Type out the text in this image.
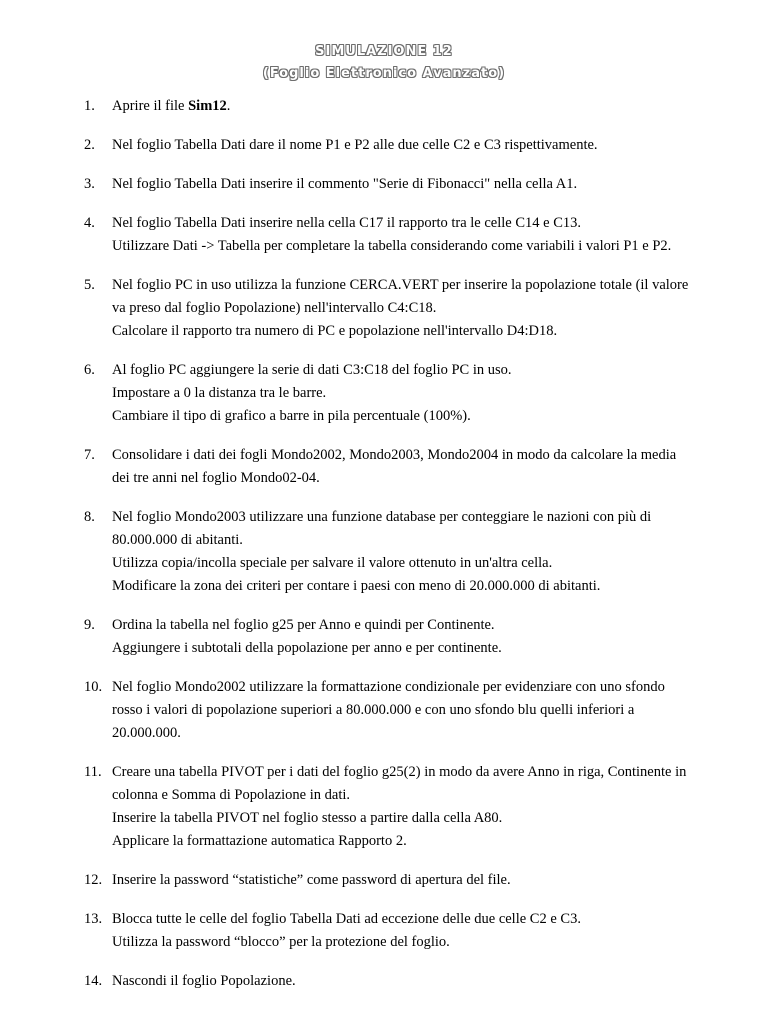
SIMULAZIONE 12
(Foglio Elettronico Avanzato)
1. Aprire il file Sim12.
2. Nel foglio Tabella Dati dare il nome P1 e P2 alle due celle C2 e C3 rispettivamente.
3. Nel foglio Tabella Dati inserire il commento "Serie di Fibonacci" nella cella A1.
4. Nel foglio Tabella Dati inserire nella cella C17 il rapporto tra le celle C14 e C13.
Utilizzare Dati -> Tabella per completare la tabella considerando come variabili i valori P1 e P2.
5. Nel foglio PC in uso utilizza la funzione CERCA.VERT per inserire la popolazione totale (il valore
va preso dal foglio Popolazione) nell'intervallo C4:C18.
Calcolare il rapporto tra numero di PC e popolazione nell'intervallo D4:D18.
6. Al foglio PC aggiungere la serie di dati C3:C18 del foglio PC in uso.
Impostare a 0 la distanza tra le barre.
Cambiare il tipo di grafico a barre in pila percentuale (100%).
7. Consolidare i dati dei fogli Mondo2002, Mondo2003, Mondo2004 in modo da calcolare la media
dei tre anni nel foglio Mondo02-04.
8. Nel foglio Mondo2003 utilizzare una funzione database per conteggiare le nazioni con più di
80.000.000 di abitanti.
Utilizza copia/incolla speciale per salvare il valore ottenuto in un'altra cella.
Modificare la zona dei criteri per contare i paesi con meno di 20.000.000 di abitanti.
9. Ordina la tabella nel foglio g25 per Anno e quindi per Continente.
Aggiungere i subtotali della popolazione per anno e per continente.
10. Nel foglio Mondo2002 utilizzare la formattazione condizionale per evidenziare con uno sfondo
rosso i valori di popolazione superiori a 80.000.000 e con uno sfondo blu quelli inferiori a
20.000.000.
11. Creare una tabella PIVOT per i dati del foglio g25(2) in modo da avere Anno in riga, Continente in
colonna e Somma di Popolazione in dati.
Inserire la tabella PIVOT nel foglio stesso a partire dalla cella A80.
Applicare la formattazione automatica Rapporto 2.
12. Inserire la password “statistiche” come password di apertura del file.
13. Blocca tutte le celle del foglio Tabella Dati ad eccezione delle due celle C2 e C3.
Utilizza la password “blocco” per la protezione del foglio.
14. Nascondi il foglio Popolazione.
